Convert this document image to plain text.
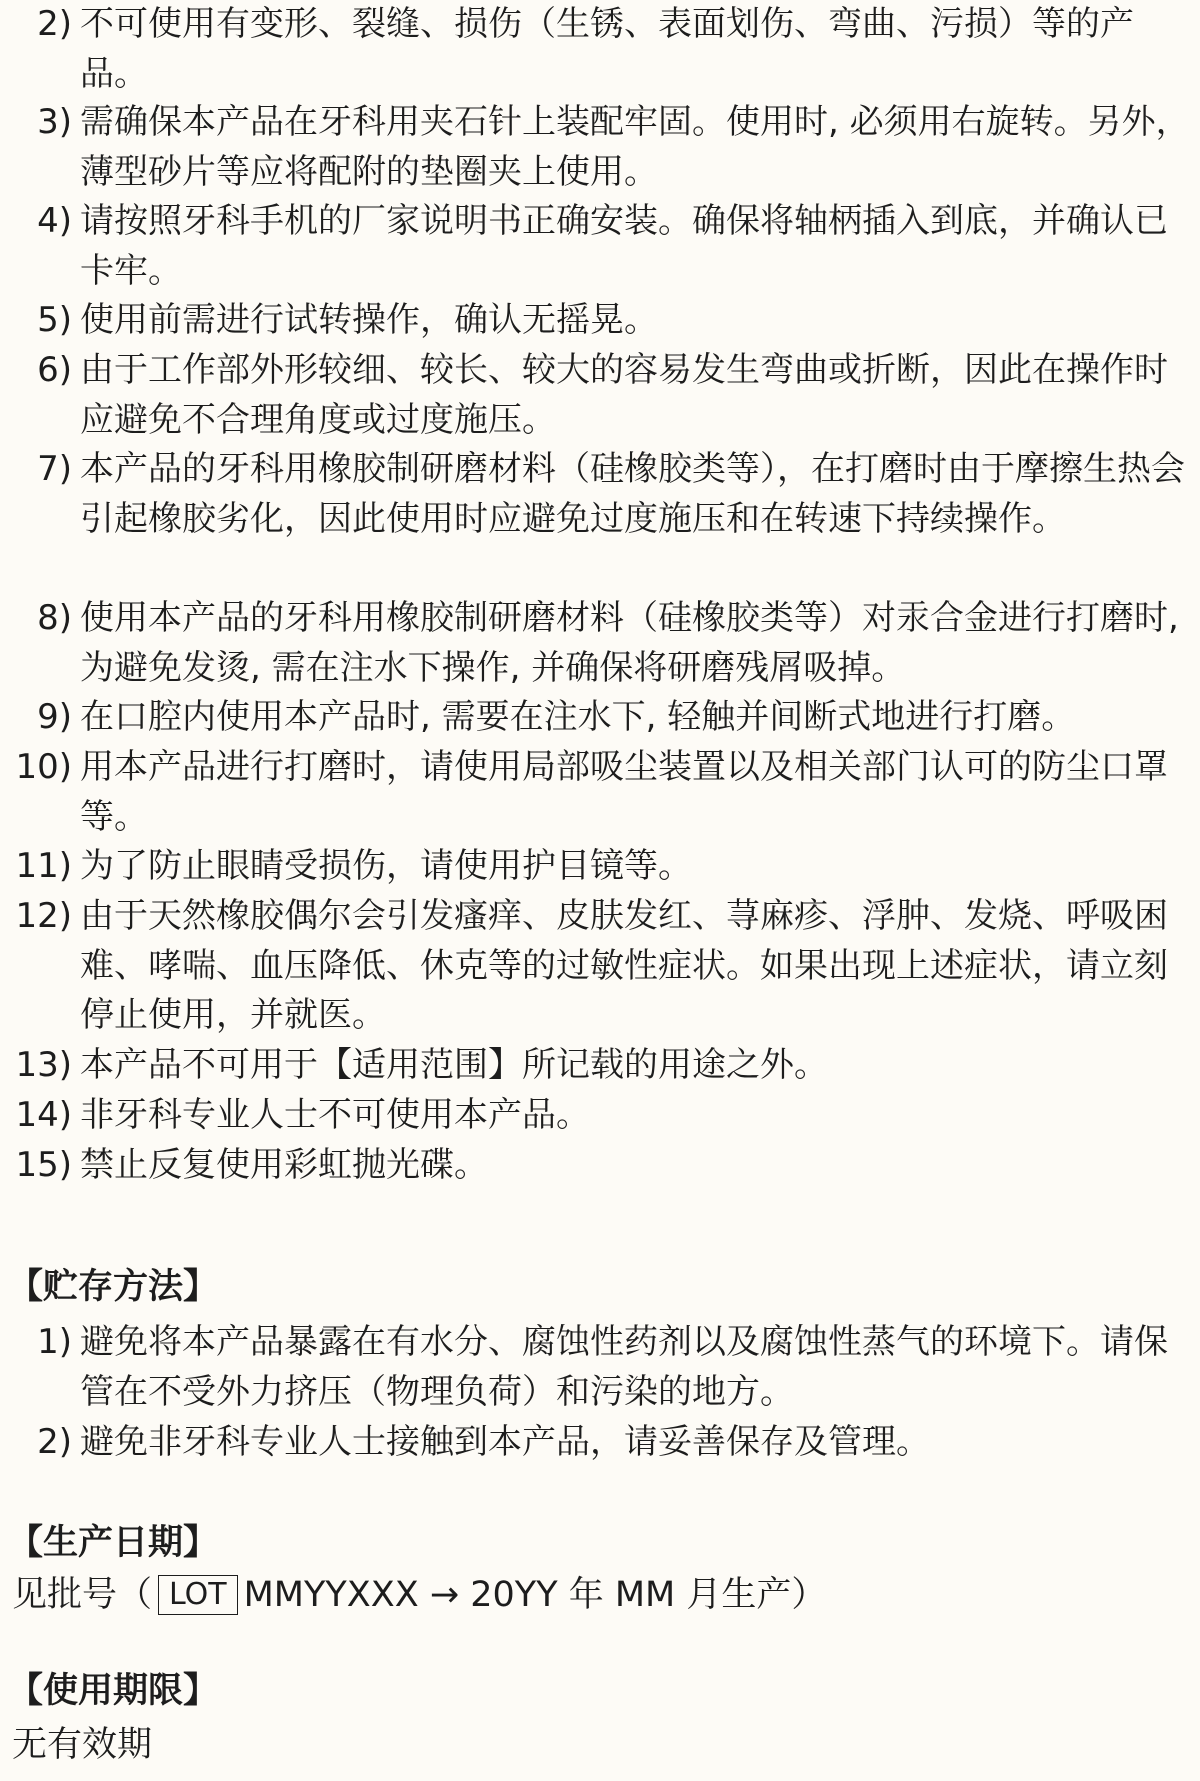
2) 不可使用有变形、裂缝、损伤（生锈、表面划伤、弯曲、污损）等的产品。
3) 需确保本产品在牙科用夹石针上装配牢固。使用时, 必须用右旋转。另外，薄型砂片等应将配附的垫圈夹上使用。
4) 请按照牙科手机的厂家说明书正确安装。确保将轴柄插入到底，并确认已卡牢。
5) 使用前需进行试转操作，确认无摇晃。
6) 由于工作部外形较细、较长、较大的容易发生弯曲或折断，因此在操作时应避免不合理角度或过度施压。
7) 本产品的牙科用橡胶制研磨材料（硅橡胶类等），在打磨时由于摩擦生热会引起橡胶劣化，因此使用时应避免过度施压和在转速下持续操作。
8) 使用本产品的牙科用橡胶制研磨材料（硅橡胶类等）对汞合金进行打磨时, 为避免发烫, 需在注水下操作, 并确保将研磨残屑吸掉。
9) 在口腔内使用本产品时, 需要在注水下, 轻触并间断式地进行打磨。
10) 用本产品进行打磨时，请使用局部吸尘装置以及相关部门认可的防尘口罩等。
11) 为了防止眼睛受损伤，请使用护目镜等。
12) 由于天然橡胶偶尔会引发瘙痒、皮肤发红、荨麻疹、浮肿、发烧、呼吸困难、哮喘、血压降低、休克等的过敏性症状。如果出现上述症状，请立刻停止使用，并就医。
13) 本产品不可用于【适用范围】所记载的用途之外。
14) 非牙科专业人士不可使用本产品。
15) 禁止反复使用彩虹抛光碟。
【贮存方法】
1) 避免将本产品暴露在有水分、腐蚀性药剂以及腐蚀性蒸气的环境下。请保管在不受外力挤压（物理负荷）和污染的地方。
2) 避免非牙科专业人士接触到本产品，请妥善保存及管理。
【生产日期】
见批号（ LOT MMYYXXX → 20YY 年 MM 月生产）
【使用期限】
无有效期
